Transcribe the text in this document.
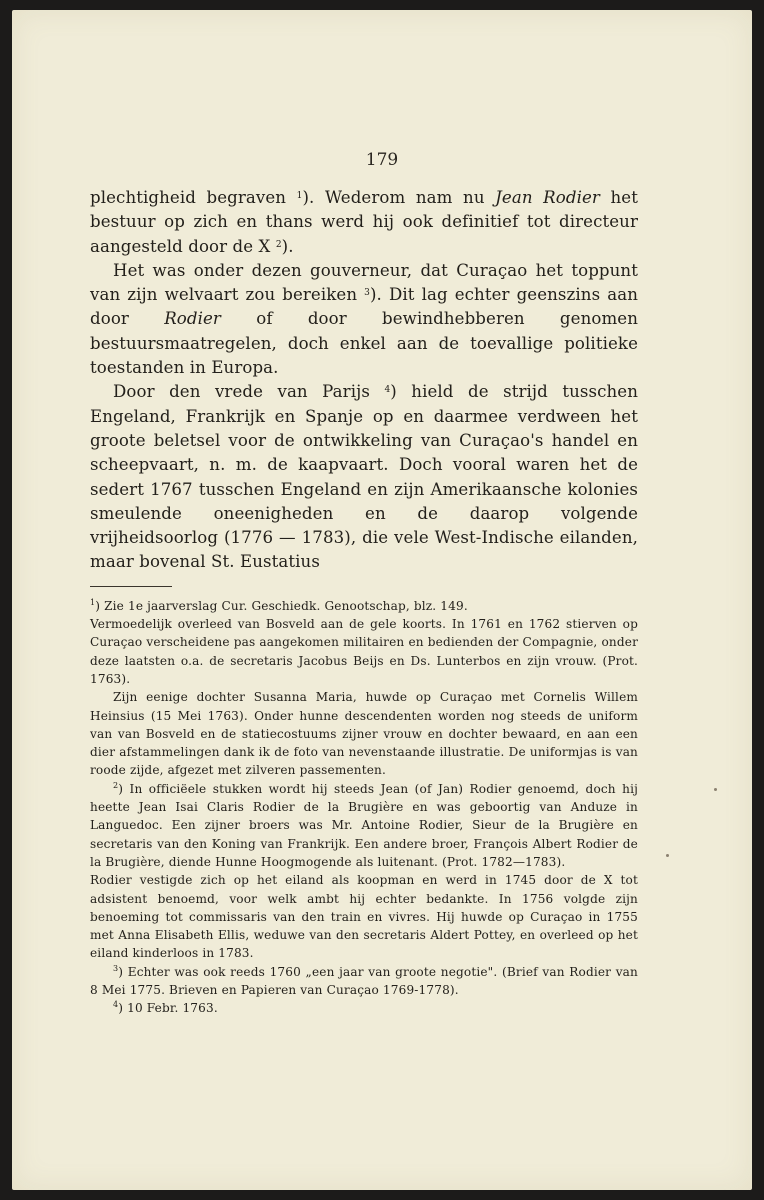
179

plechtigheid begraven $^1$). Wederom nam nu Jean Rodier het bestuur op zich en thans werd hij ook definitief tot directeur aangesteld door de X $^2$).

Het was onder dezen gouverneur, dat Curaçao het toppunt van zijn welvaart zou bereiken $^3$). Dit lag echter geenszins aan door Rodier of door bewindhebberen genomen bestuursmaatregelen, doch enkel aan de toevallige politieke toestanden in Europa.

Door den vrede van Parijs $^4$) hield de strijd tusschen Engeland, Frankrijk en Spanje op en daarmee verdween het groote beletsel voor de ontwikkeling van Curaçao's handel en scheepvaart, n. m. de kaapvaart. Doch vooral waren het de sedert 1767 tusschen Engeland en zijn Amerikaansche kolonies smeulende oneenigheden en de daarop volgende vrijheidsoorlog (1776 — 1783), die vele West-Indische eilanden, maar bovenal St. Eustatius

$^1$) Zie 1e jaarverslag Cur. Geschiedk. Genootschap, blz. 149.

Vermoedelijk overleed van Bosveld aan de gele koorts. In 1761 en 1762 stierven op Curaçao verscheidene pas aangekomen militairen en bedienden der Compagnie, onder deze laatsten o.a. de secretaris Jacobus Beijs en Ds. Lunterbos en zijn vrouw. (Prot. 1763).

Zijn eenige dochter Susanna Maria, huwde op Curaçao met Cornelis Willem Heinsius (15 Mei 1763). Onder hunne descendenten worden nog steeds de uniform van van Bosveld en de statiecostuums zijner vrouw en dochter bewaard, en aan een dier afstammelingen dank ik de foto van nevenstaande illustratie. De uniformjas is van roode zijde, afgezet met zilveren passementen.

$^2$) In officiëele stukken wordt hij steeds Jean (of Jan) Rodier genoemd, doch hij heette Jean Isai Claris Rodier de la Brugière en was geboortig van Anduze in Languedoc. Een zijner broers was Mr. Antoine Rodier, Sieur de la Brugière en secretaris van den Koning van Frankrijk. Een andere broer, François Albert Rodier de la Brugière, diende Hunne Hoogmogende als luitenant. (Prot. 1782—1783).

Rodier vestigde zich op het eiland als koopman en werd in 1745 door de X tot adsistent benoemd, voor welk ambt hij echter bedankte. In 1756 volgde zijn benoeming tot commissaris van den train en vivres. Hij huwde op Curaçao in 1755 met Anna Elisabeth Ellis, weduwe van den secretaris Aldert Pottey, en overleed op het eiland kinderloos in 1783.

$^3$) Echter was ook reeds 1760 „een jaar van groote negotie". (Brief van Rodier van 8 Mei 1775. Brieven en Papieren van Curaçao 1769-1778).

$^4$) 10 Febr. 1763.
